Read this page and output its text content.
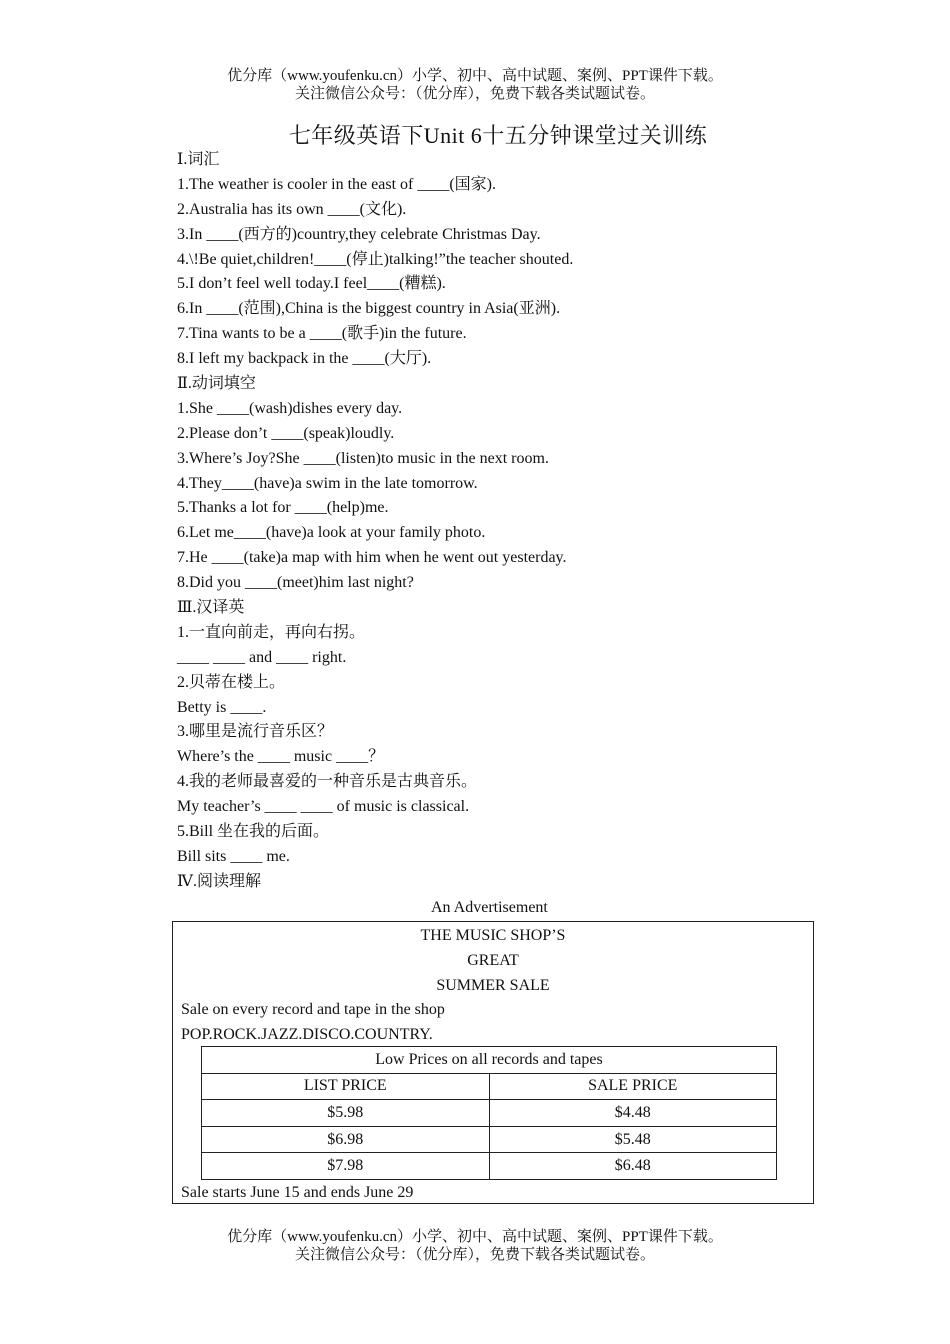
优分库（www.youfenku.cn）小学、初中、高中试题、案例、PPT课件下载。
关注微信公众号：（优分库），免费下载各类试题试卷。
七年级英语下Unit 6十五分钟课堂过关训练
Ⅰ.词汇
1.The weather is cooler in the east of ____(国家).
2.Australia has its own ____(文化).
3.In ____(西方的)country,they celebrate Christmas Day.
4.\!Be quiet,children!____(停止)talking!”the teacher shouted.
5.I don’t feel well today.I feel____(糟糕).
6.In ____(范围),China is the biggest country in Asia(亚洲).
7.Tina wants to be a ____(歌手)in the future.
8.I left my backpack in the ____(大厅).
Ⅱ.动词填空
1.She ____(wash)dishes every day.
2.Please don’t ____(speak)loudly.
3.Where’s Joy?She ____(listen)to music in the next room.
4.They____(have)a swim in the late tomorrow.
5.Thanks a lot for ____(help)me.
6.Let me____(have)a look at your family photo.
7.He ____(take)a map with him when he went out yesterday.
8.Did you ____(meet)him last night?
Ⅲ.汉译英
1.一直向前走，再向右拐。
____ ____ and ____ right.
2.贝蒂在楼上。
Betty is ____.
3.哪里是流行音乐区？
Where’s the ____ music ____？
4.我的老师最喜爱的一种音乐是古典音乐。
My teacher’s ____ ____ of music is classical.
5.Bill 坐在我的后面。
Bill sits ____ me.
Ⅳ.阅读理解
An Advertisement
THE MUSIC SHOP’S
GREAT
SUMMER SALE
Sale on every record and tape in the shop
POP.ROCK.JAZZ.DISCO.COUNTRY.
Low Prices on all records and tapes	
LIST PRICE	SALE PRICE
$5.98	$4.48
$6.98	$5.48
$7.98	$6.48
Sale starts June 15 and ends June 29
优分库（www.youfenku.cn）小学、初中、高中试题、案例、PPT课件下载。
关注微信公众号：（优分库），免费下载各类试题试卷。
